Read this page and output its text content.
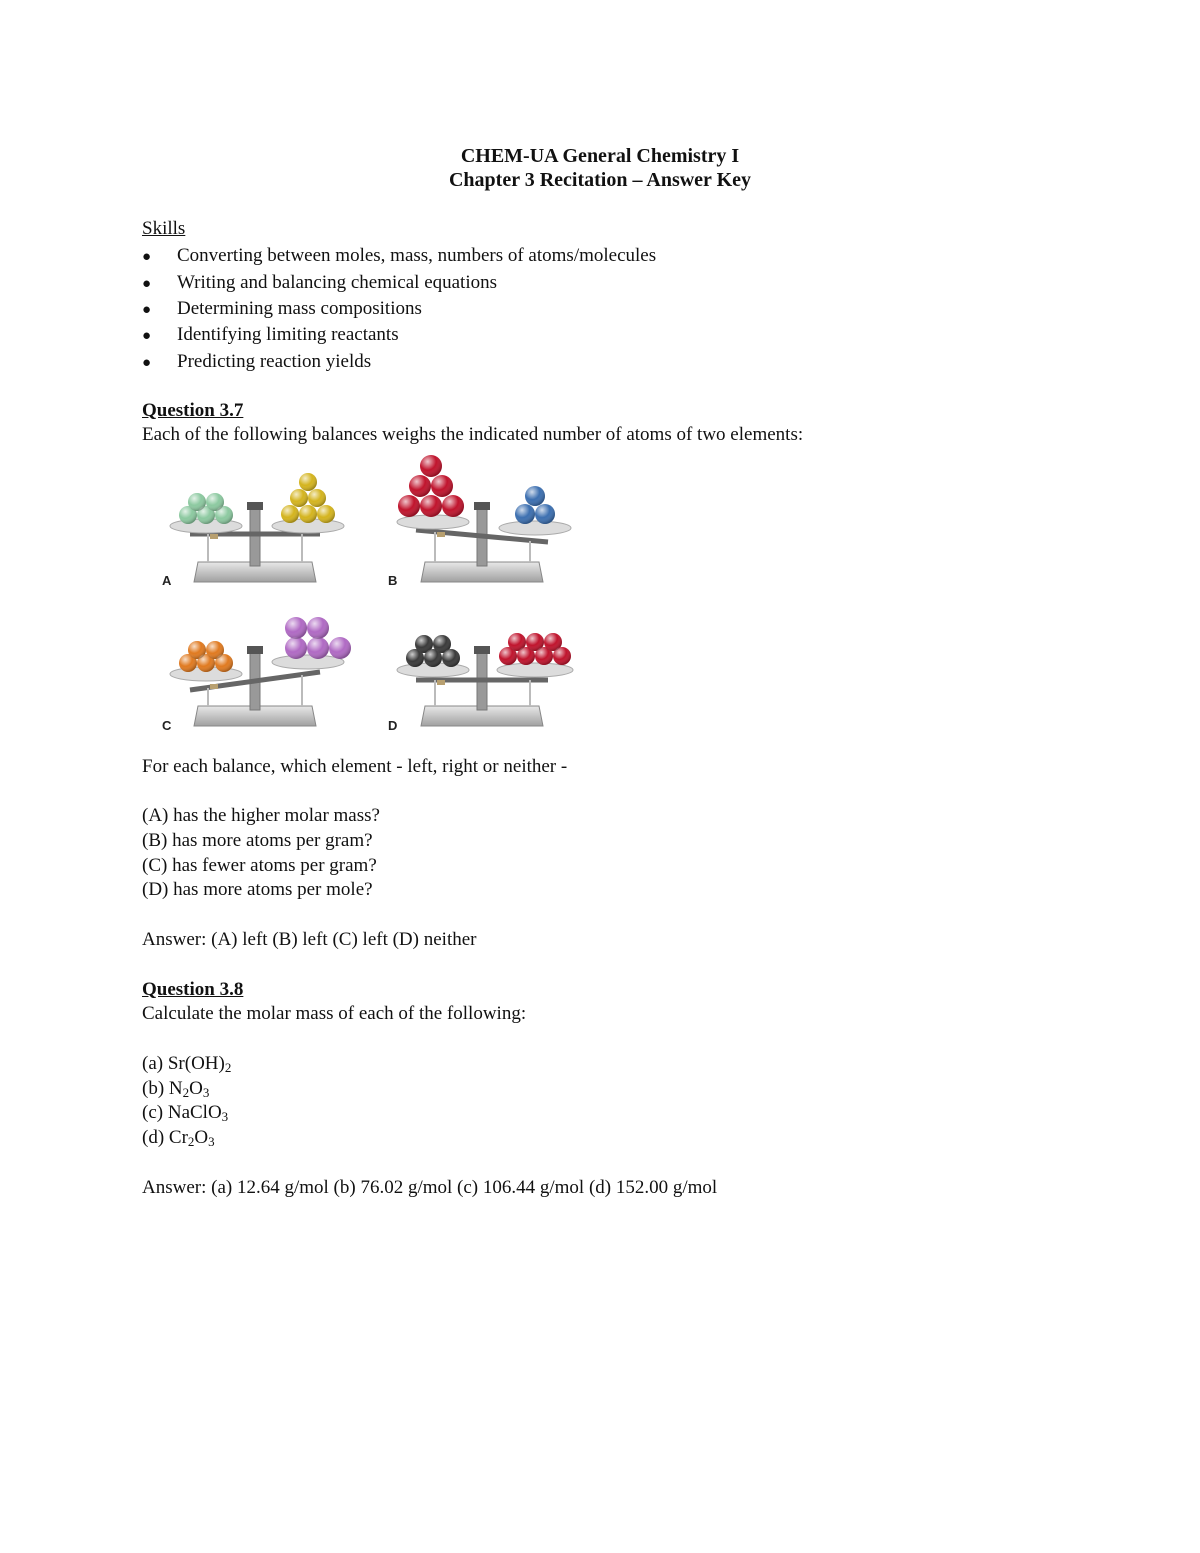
CHEM-UA General Chemistry I
Chapter 3 Recitation – Answer Key
Skills
● Converting between moles, mass, numbers of atoms/molecules
● Writing and balancing chemical equations
● Determining mass compositions
● Identifying limiting reactants
● Predicting reaction yields
Question 3.7
Each of the following balances weighs the indicated number of atoms of two elements:
A	B
C	D
For each balance, which element - left, right or neither -
(A) has the higher molar mass?
(B) has more atoms per gram?
(C) has fewer atoms per gram?
(D) has more atoms per mole?
Answer: (A) left (B) left (C) left (D) neither
Question 3.8
Calculate the molar mass of each of the following:
(a) $Sr(OH)_2$
(b) $N_2O_3$
(c) NaClO$_3$
(d) $Cr_2O_3$
Answer: (a) 12.64 g/mol (b) 76.02 g/mol (c) 106.44 g/mol (d) 152.00 g/mol
